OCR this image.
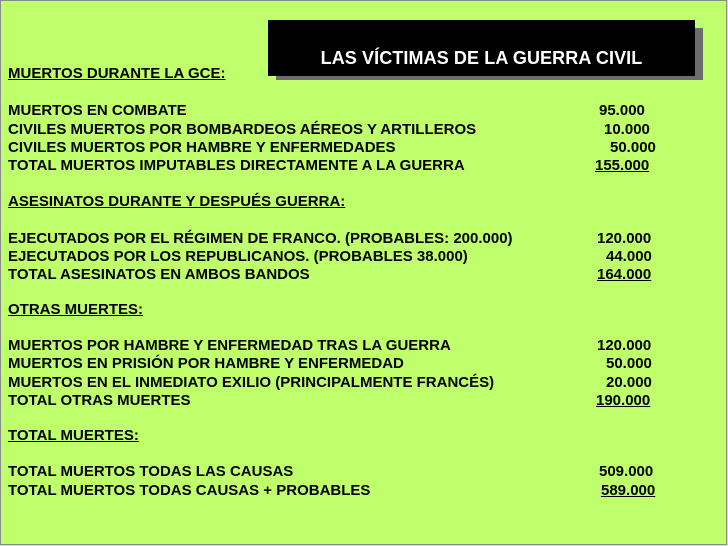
LAS VÍCTIMAS DE LA GUERRA CIVIL
MUERTOS DURANTE LA GCE:
MUERTOS EN COMBATE	95.000
CIVILES MUERTOS POR BOMBARDEOS AÉREOS Y ARTILLEROS	10.000
CIVILES MUERTOS POR HAMBRE Y ENFERMEDADES	50.000
TOTAL MUERTOS IMPUTABLES DIRECTAMENTE A LA GUERRA	155.000
ASESINATOS DURANTE Y DESPUÉS GUERRA:
EJECUTADOS POR EL RÉGIMEN DE FRANCO. (PROBABLES: 200.000)	120.000
EJECUTADOS POR LOS REPUBLICANOS. (PROBABLES 38.000)	44.000
TOTAL ASESINATOS EN AMBOS BANDOS	164.000
OTRAS MUERTES:
MUERTOS POR HAMBRE Y ENFERMEDAD TRAS LA GUERRA	120.000
MUERTOS EN PRISIÓN POR HAMBRE Y ENFERMEDAD	50.000
MUERTOS EN EL INMEDIATO EXILIO (PRINCIPALMENTE FRANCÉS)	20.000
TOTAL OTRAS MUERTES	190.000
TOTAL MUERTES:
TOTAL MUERTOS TODAS LAS CAUSAS	509.000
TOTAL MUERTOS TODAS CAUSAS + PROBABLES	589.000
